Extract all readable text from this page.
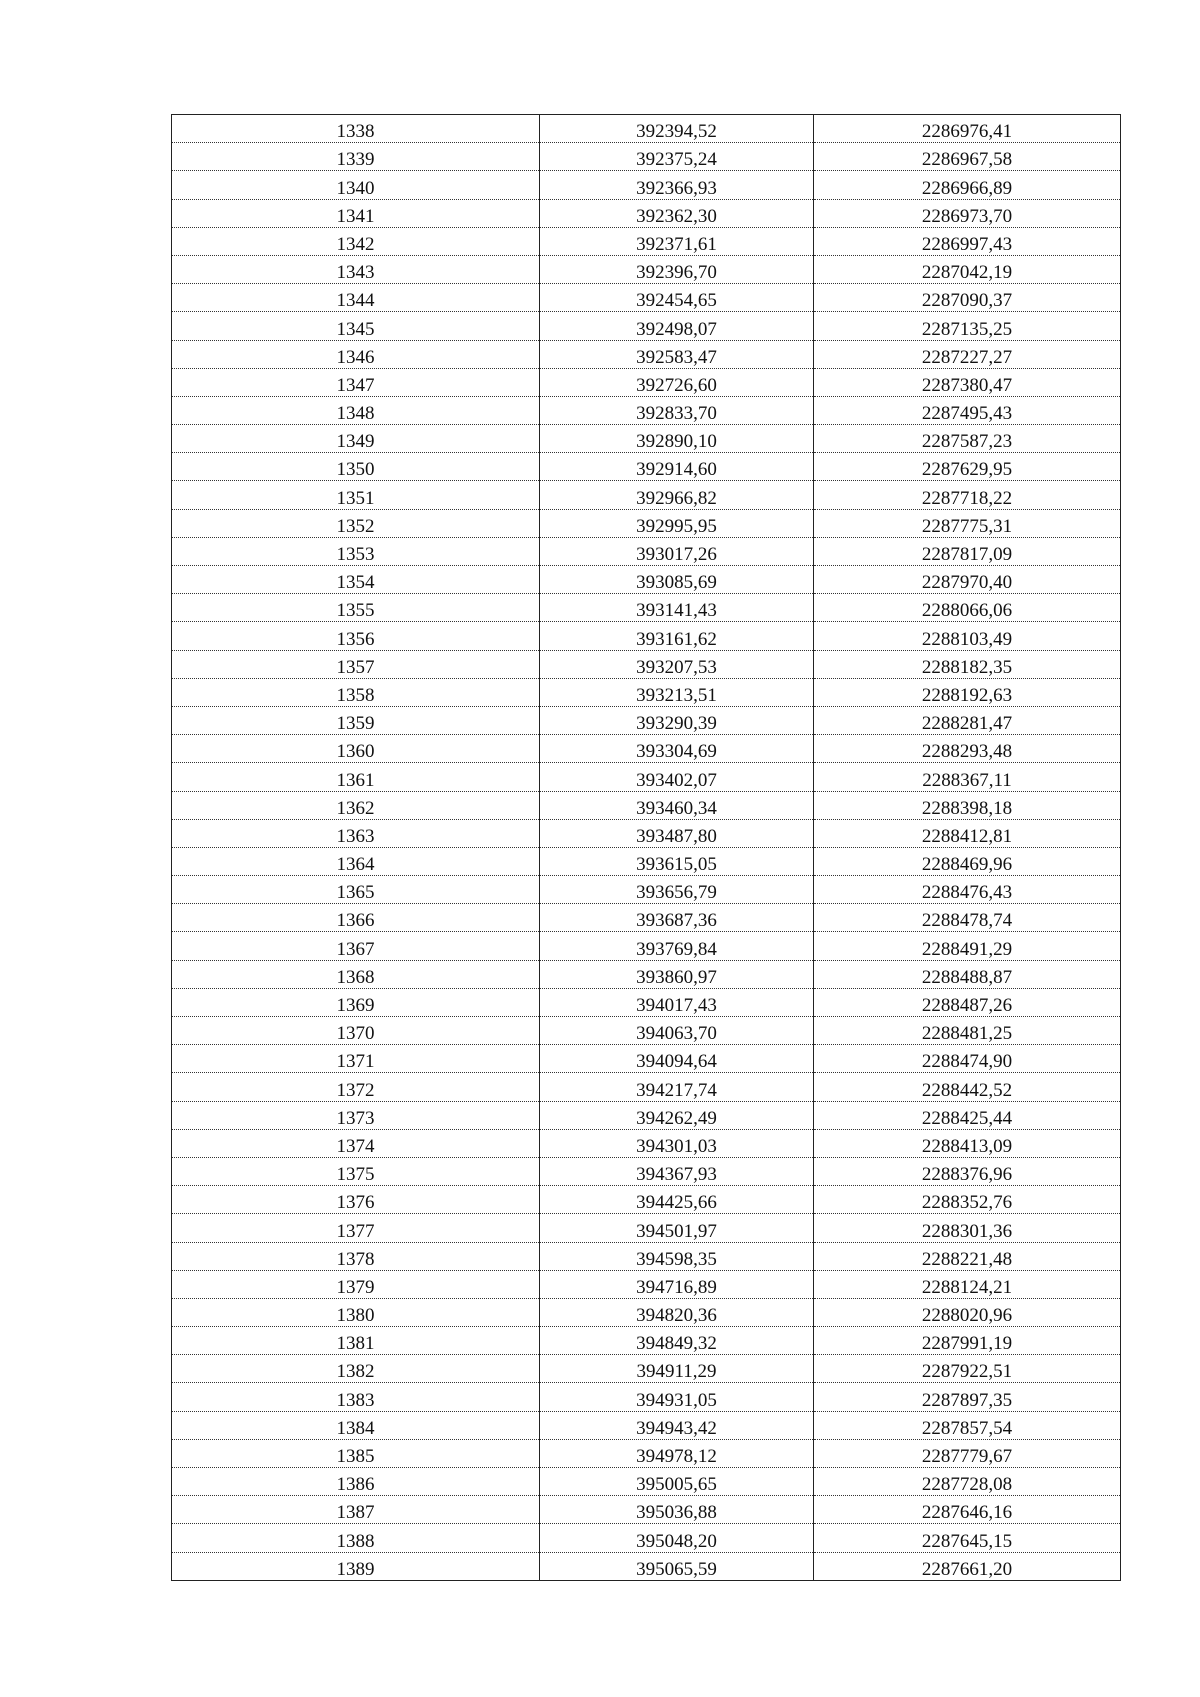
1338	392394,52	2286976,41
1339	392375,24	2286967,58
1340	392366,93	2286966,89
1341	392362,30	2286973,70
1342	392371,61	2286997,43
1343	392396,70	2287042,19
1344	392454,65	2287090,37
1345	392498,07	2287135,25
1346	392583,47	2287227,27
1347	392726,60	2287380,47
1348	392833,70	2287495,43
1349	392890,10	2287587,23
1350	392914,60	2287629,95
1351	392966,82	2287718,22
1352	392995,95	2287775,31
1353	393017,26	2287817,09
1354	393085,69	2287970,40
1355	393141,43	2288066,06
1356	393161,62	2288103,49
1357	393207,53	2288182,35
1358	393213,51	2288192,63
1359	393290,39	2288281,47
1360	393304,69	2288293,48
1361	393402,07	2288367,11
1362	393460,34	2288398,18
1363	393487,80	2288412,81
1364	393615,05	2288469,96
1365	393656,79	2288476,43
1366	393687,36	2288478,74
1367	393769,84	2288491,29
1368	393860,97	2288488,87
1369	394017,43	2288487,26
1370	394063,70	2288481,25
1371	394094,64	2288474,90
1372	394217,74	2288442,52
1373	394262,49	2288425,44
1374	394301,03	2288413,09
1375	394367,93	2288376,96
1376	394425,66	2288352,76
1377	394501,97	2288301,36
1378	394598,35	2288221,48
1379	394716,89	2288124,21
1380	394820,36	2288020,96
1381	394849,32	2287991,19
1382	394911,29	2287922,51
1383	394931,05	2287897,35
1384	394943,42	2287857,54
1385	394978,12	2287779,67
1386	395005,65	2287728,08
1387	395036,88	2287646,16
1388	395048,20	2287645,15
1389	395065,59	2287661,20
